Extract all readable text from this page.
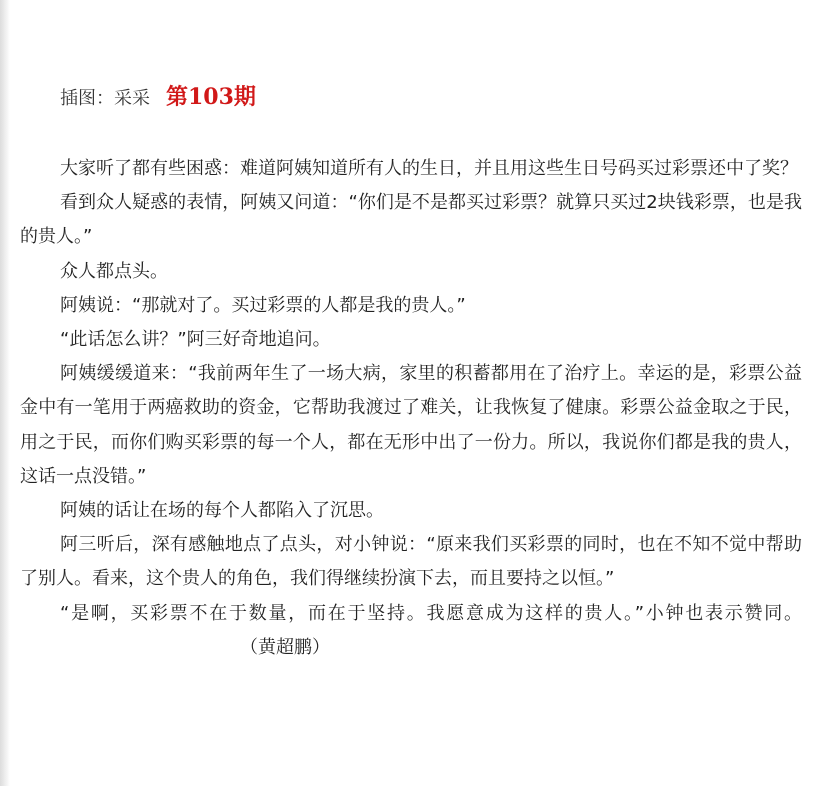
插图：采采 第103期

大家听了都有些困惑：难道阿姨知道所有人的生日，并且用这些生日号码买过彩票还中了奖？

看到众人疑惑的表情，阿姨又问道：“你们是不是都买过彩票？就算只买过2块钱彩票，也是我的贵人。”

众人都点头。

阿姨说：“那就对了。买过彩票的人都是我的贵人。”

“此话怎么讲？”阿三好奇地追问。

阿姨缓缓道来：“我前两年生了一场大病，家里的积蓄都用在了治疗上。幸运的是，彩票公益金中有一笔用于两癌救助的资金，它帮助我渡过了难关，让我恢复了健康。彩票公益金取之于民，用之于民，而你们购买彩票的每一个人，都在无形中出了一份力。所以，我说你们都是我的贵人，这话一点没错。”

阿姨的话让在场的每个人都陷入了沉思。

阿三听后，深有感触地点了点头，对小钟说：“原来我们买彩票的同时，也在不知不觉中帮助了别人。看来，这个贵人的角色，我们得继续扮演下去，而且要持之以恒。”

“是啊，买彩票不在于数量，而在于坚持。我愿意成为这样的贵人。”小钟也表示赞同。（黄超鹏）
